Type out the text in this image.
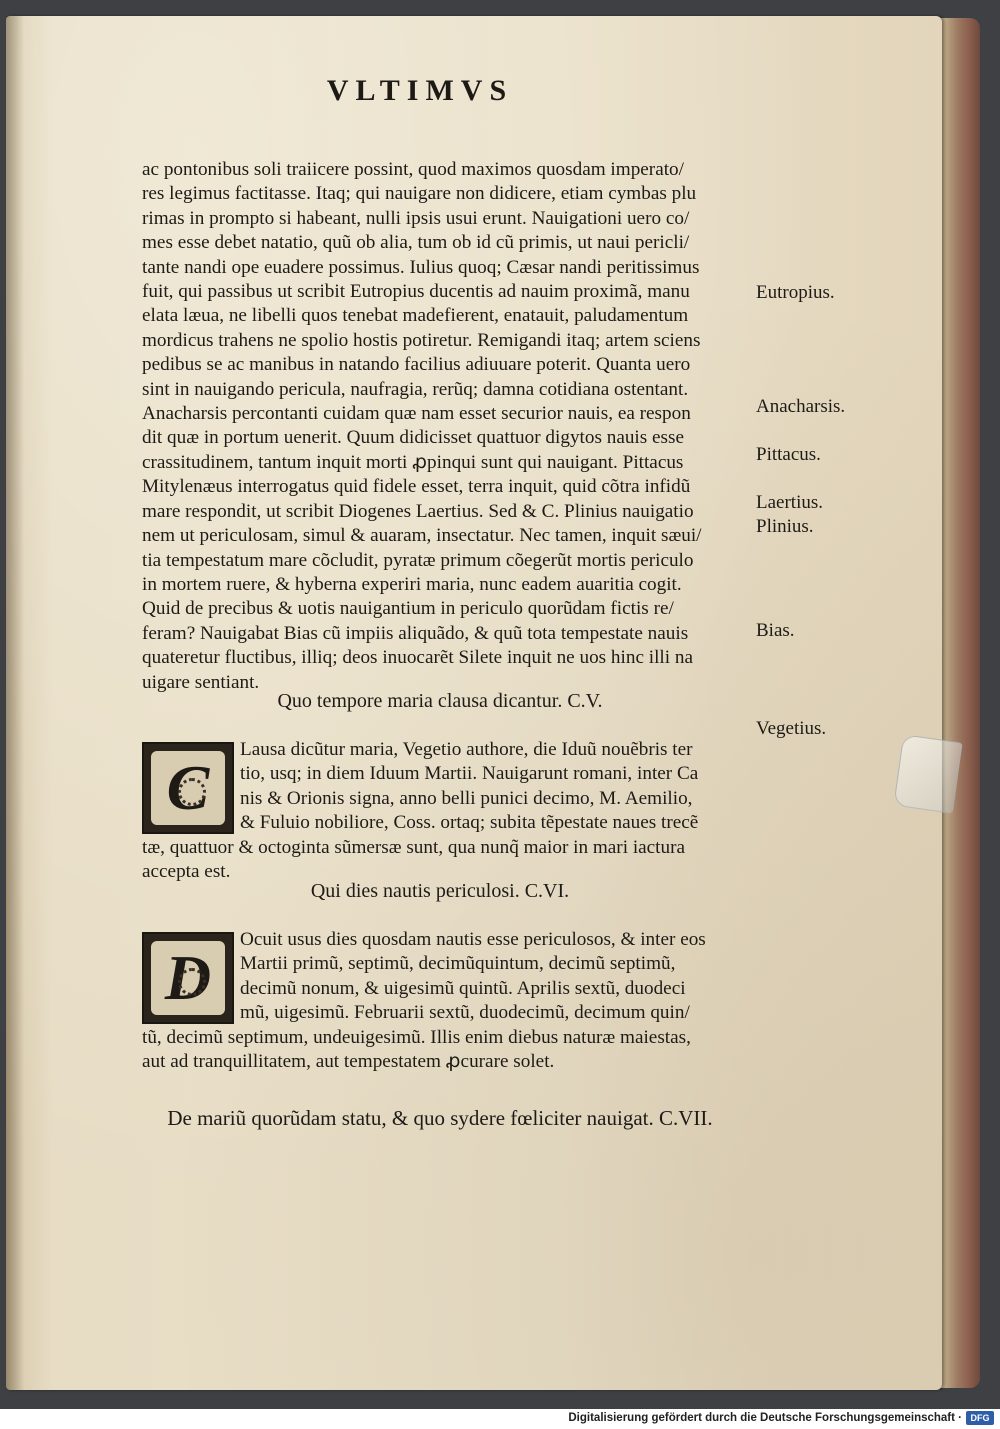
VLTIMVS

ac pontonibus soli traiicere possint, quod maximos quosdam imperato/

res legimus factitasse. Itaq; qui nauigare non didicere, etiam cymbas plu

rimas in prompto si habeant, nulli ipsis usui erunt. Nauigationi uero co/

mes esse debet natatio, quũ ob alia, tum ob id cũ primis, ut naui pericli/

tante nandi ope euadere possimus. Iulius quoq; Cæsar nandi peritissimus

fuit, qui passibus ut scribit Eutropius ducentis ad nauim proximã, manu

elata læua, ne libelli quos tenebat madefierent, enatauit, paludamentum

mordicus trahens ne spolio hostis potiretur. Remigandi itaq; artem sciens

pedibus se ac manibus in natando facilius adiuuare poterit. Quanta uero

sint in nauigando pericula, naufragia, rerũq; damna cotidiana ostentant.

Anacharsis percontanti cuidam quæ nam esset securior nauis, ea respon

dit quæ in portum uenerit. Quum didicisset quattuor digytos nauis esse

crassitudinem, tantum inquit morti ꝓpinqui sunt qui nauigant. Pittacus

Mitylenæus interrogatus quid fidele esset, terra inquit, quid cõtra infidũ

mare respondit, ut scribit Diogenes Laertius. Sed & C. Plinius nauigatio

nem ut periculosam, simul & auaram, insectatur. Nec tamen, inquit sæui/

tia tempestatum mare cõcludit, pyratæ primum cõegerũt mortis periculo

in mortem ruere, & hyberna experiri maria, nunc eadem auaritia cogit.

Quid de precibus & uotis nauigantium in periculo quorũdam fictis re/

feram? Nauigabat Bias cũ impiis aliquãdo, & quũ tota tempestate nauis

quateretur fluctibus, illiq; deos inuocarẽt Silete inquit ne uos hinc illi na

uigare sentiant.

Quo tempore maria clausa dicantur. C.V.
C

Lausa dicũtur maria, Vegetio authore, die Iduũ nouẽbris ter

tio, usq; in diem Iduum Martii. Nauigarunt romani, inter Ca

nis & Orionis signa, anno belli punici decimo, M. Aemilio,

& Fuluio nobiliore, Coss. ortaq; subita tẽpestate naues trecẽ

tæ, quattuor & octoginta sũmersæ sunt, qua nunq̃ maior in mari iactura

accepta est.

Qui dies nautis periculosi. C.VI.
D

Ocuit usus dies quosdam nautis esse periculosos, & inter eos

Martii primũ, septimũ, decimũquintum, decimũ septimũ,

decimũ nonum, & uigesimũ quintũ. Aprilis sextũ, duodeci

mũ, uigesimũ. Februarii sextũ, duodecimũ, decimum quin/

tũ, decimũ septimum, undeuigesimũ. Illis enim diebus naturæ maiestas,

aut ad tranquillitatem, aut tempestatem ꝓcurare solet.

De mariũ quorũdam statu, & quo sydere fœliciter nauigat. C.VII.
Eutropius.
Anacharsis.
Pittacus.
Laertius.
Plinius.
Bias.
Vegetius.
Digitalisierung gefördert durch die Deutsche Forschungsgemeinschaft · DFG
